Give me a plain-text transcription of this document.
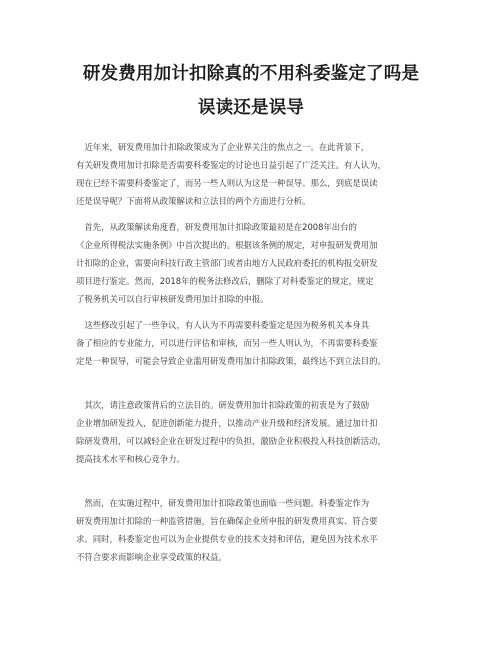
研发费用加计扣除真的不用科委鉴定了吗是
误读还是误导
　近年来，研发费用加计扣除政策成为了企业界关注的焦点之一。在此背景下，
有关研发费用加计扣除是否需要科委鉴定的讨论也日益引起了广泛关注。有人认为，
现在已经不需要科委鉴定了，而另一些人则认为这是一种误导。那么，到底是误读
还是误导呢？下面将从政策解读和立法目的两个方面进行分析。
　首先，从政策解读角度看，研发费用加计扣除政策最初是在2008年出台的
《企业所得税法实施条例》中首次提出的。根据该条例的规定，对申报研发费用加
计扣除的企业，需要向科技行政主管部门或者由地方人民政府委托的机构报交研发
项目进行鉴定。然而，2018年的税务法修改后，删除了对科委鉴定的规定，规定
了税务机关可以自行审核研发费用加计扣除的申报。
　这些修改引起了一些争议，有人认为不再需要科委鉴定是因为税务机关本身具
备了相应的专业能力，可以进行评估和审核，而另一些人则认为，不再需要科委鉴
定是一种误导，可能会导致企业滥用研发费用加计扣除政策，最终达不到立法目的。
　其次，请注意政策背后的立法目的。研发费用加计扣除政策的初衷是为了鼓励
企业增加研发投入，促进创新能力提升，以推动产业升级和经济发展。通过加计扣
除研发费用，可以减轻企业在研发过程中的负担，激励企业积极投入科技创新活动，
提高技术水平和核心竞争力。
　然而，在实施过程中，研发费用加计扣除政策也面临一些问题。科委鉴定作为
研发费用加计扣除的一种监管措施，旨在确保企业所申报的研发费用真实、符合要
求。同时，科委鉴定也可以为企业提供专业的技术支持和评估，避免因为技术水平
不符合要求而影响企业享受政策的权益。
